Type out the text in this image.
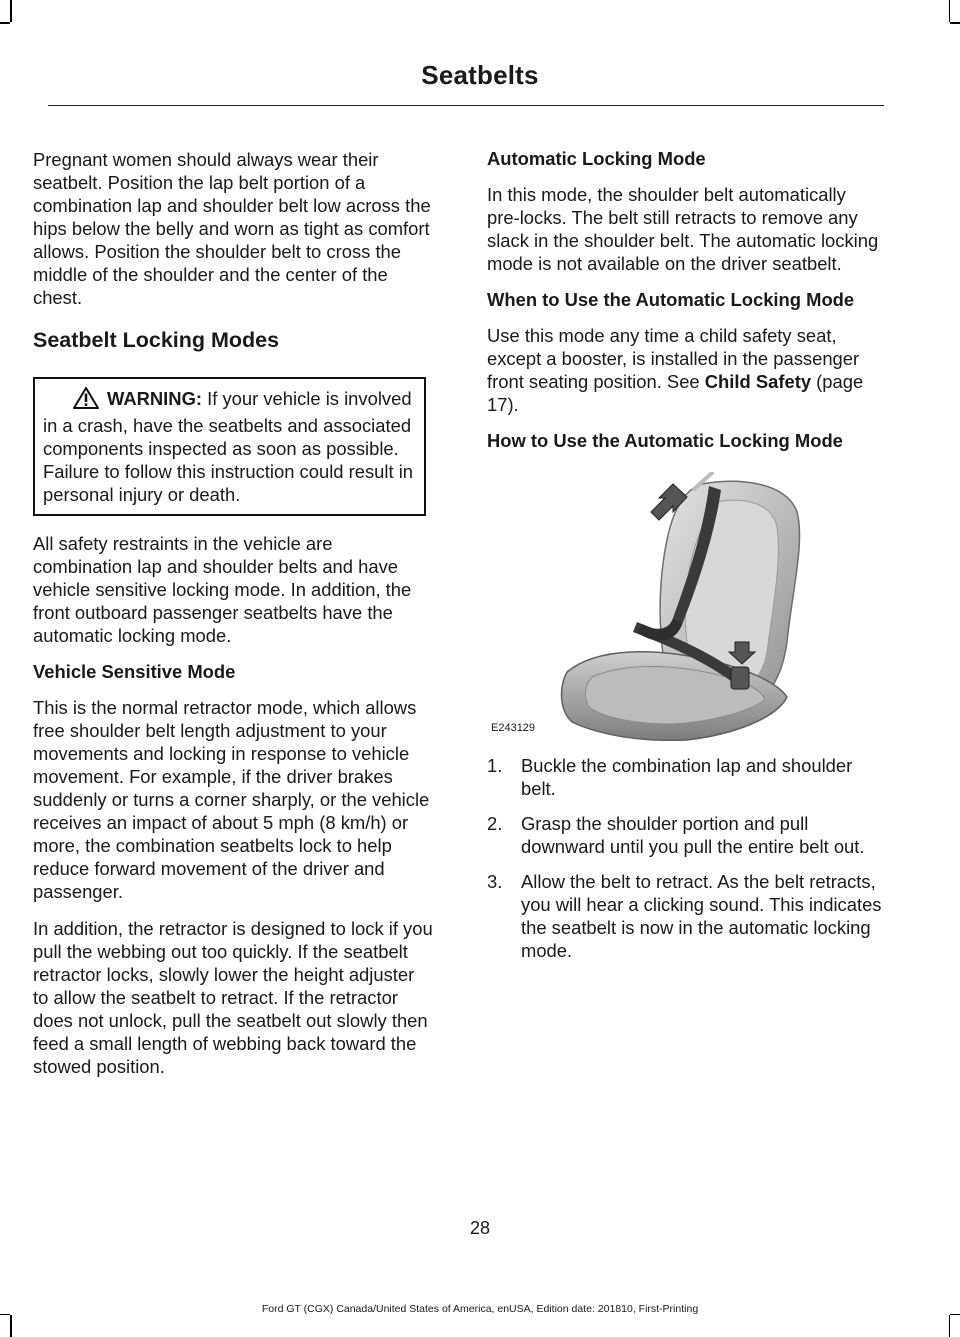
Seatbelts

Pregnant women should always wear their seatbelt. Position the lap belt portion of a combination lap and shoulder belt low across the hips below the belly and worn as tight as comfort allows. Position the shoulder belt to cross the middle of the shoulder and the center of the chest.

Seatbelt Locking Modes

WARNING: If your vehicle is involved in a crash, have the seatbelts and associated components inspected as soon as possible. Failure to follow this instruction could result in personal injury or death.

All safety restraints in the vehicle are combination lap and shoulder belts and have vehicle sensitive locking mode. In addition, the front outboard passenger seatbelts have the automatic locking mode.

Vehicle Sensitive Mode

This is the normal retractor mode, which allows free shoulder belt length adjustment to your movements and locking in response to vehicle movement. For example, if the driver brakes suddenly or turns a corner sharply, or the vehicle receives an impact of about 5 mph (8 km/h) or more, the combination seatbelts lock to help reduce forward movement of the driver and passenger.

In addition, the retractor is designed to lock if you pull the webbing out too quickly. If the seatbelt retractor locks, slowly lower the height adjuster to allow the seatbelt to retract. If the retractor does not unlock, pull the seatbelt out slowly then feed a small length of webbing back toward the stowed position.

Automatic Locking Mode

In this mode, the shoulder belt automatically pre-locks. The belt still retracts to remove any slack in the shoulder belt. The automatic locking mode is not available on the driver seatbelt.

When to Use the Automatic Locking Mode

Use this mode any time a child safety seat, except a booster, is installed in the passenger front seating position. See Child Safety (page 17).

How to Use the Automatic Locking Mode
E243129
1. Buckle the combination lap and shoulder belt.
2. Grasp the shoulder portion and pull downward until you pull the entire belt out.
3. Allow the belt to retract. As the belt retracts, you will hear a clicking sound. This indicates the seatbelt is now in the automatic locking mode.
28
Ford GT (CGX) Canada/United States of America, enUSA, Edition date: 201810, First-Printing
